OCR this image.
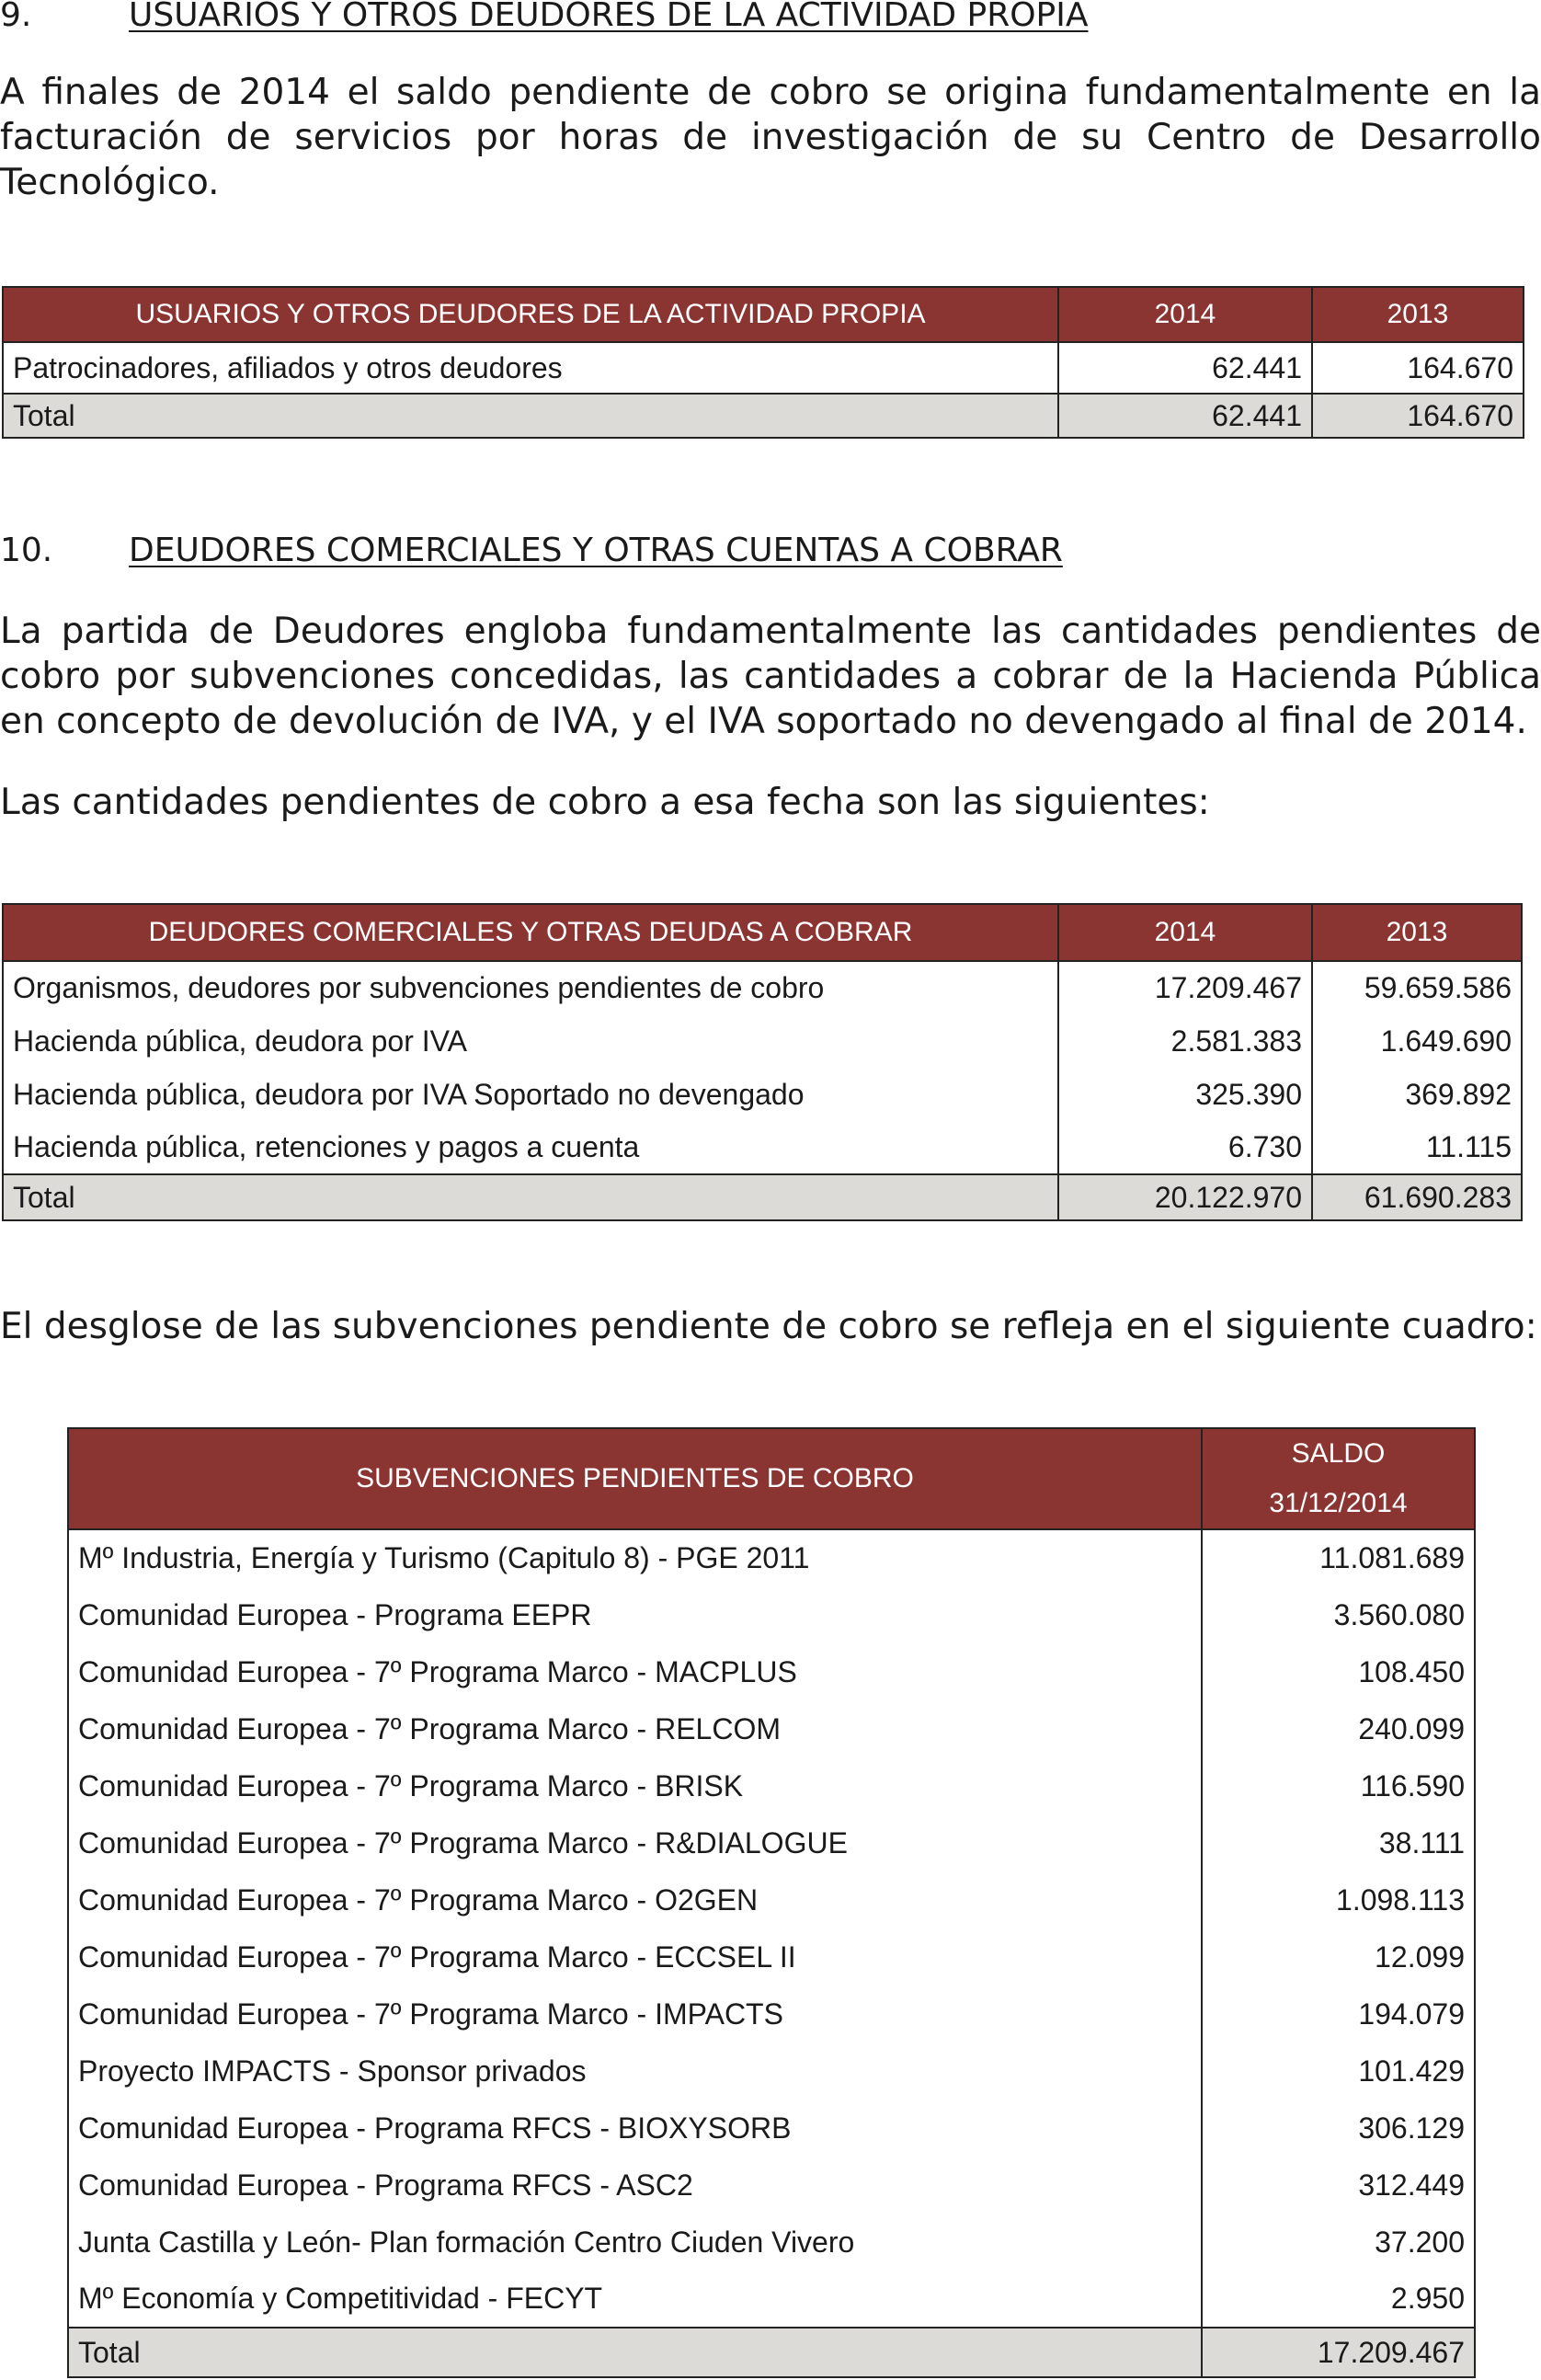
9.	USUARIOS Y OTROS DEUDORES DE LA ACTIVIDAD PROPIA
A finales de 2014 el saldo pendiente de cobro se origina fundamentalmente en la facturación de servicios por horas de investigación de su Centro de Desarrollo Tecnológico.
USUARIOS Y OTROS DEUDORES DE LA ACTIVIDAD PROPIA	2014	2013
Patrocinadores, afiliados y otros deudores	62.441	164.670
Total	62.441	164.670
10. DEUDORES COMERCIALES Y OTRAS CUENTAS A COBRAR
La partida de Deudores engloba fundamentalmente las cantidades pendientes de cobro por subvenciones concedidas, las cantidades a cobrar de la Hacienda Pública en concepto de devolución de IVA, y el IVA soportado no devengado al final de 2014.
Las cantidades pendientes de cobro a esa fecha son las siguientes:
DEUDORES COMERCIALES Y OTRAS DEUDAS A COBRAR	2014	2013
Organismos, deudores por subvenciones pendientes de cobro	17.209.467	59.659.586
Hacienda pública, deudora por IVA	2.581.383	1.649.690
Hacienda pública, deudora por IVA Soportado no devengado	325.390	369.892
Hacienda pública, retenciones y pagos a cuenta	6.730	11.115
Total	20.122.970	61.690.283
El desglose de las subvenciones pendiente de cobro se refleja en el siguiente cuadro:
SUBVENCIONES PENDIENTES DE COBRO	SALDO
31/12/2014

Mº Industria, Energía y Turismo (Capitulo 8) - PGE 2011	11.081.689
Comunidad Europea - Programa EEPR	3.560.080
Comunidad Europea - 7º Programa Marco - MACPLUS	108.450
Comunidad Europea - 7º Programa Marco - RELCOM	240.099
Comunidad Europea - 7º Programa Marco - BRISK	116.590
Comunidad Europea - 7º Programa Marco - R&DIALOGUE	38.111
Comunidad Europea - 7º Programa Marco - O2GEN	1.098.113
Comunidad Europea - 7º Programa Marco - ECCSEL II	12.099
Comunidad Europea - 7º Programa Marco - IMPACTS	194.079
Proyecto IMPACTS - Sponsor privados	101.429
Comunidad Europea - Programa RFCS - BIOXYSORB	306.129
Comunidad Europea - Programa RFCS - ASC2	312.449
Junta Castilla y León- Plan formación Centro Ciuden Vivero	37.200
Mº Economía y Competitividad - FECYT	2.950
Total	17.209.467
